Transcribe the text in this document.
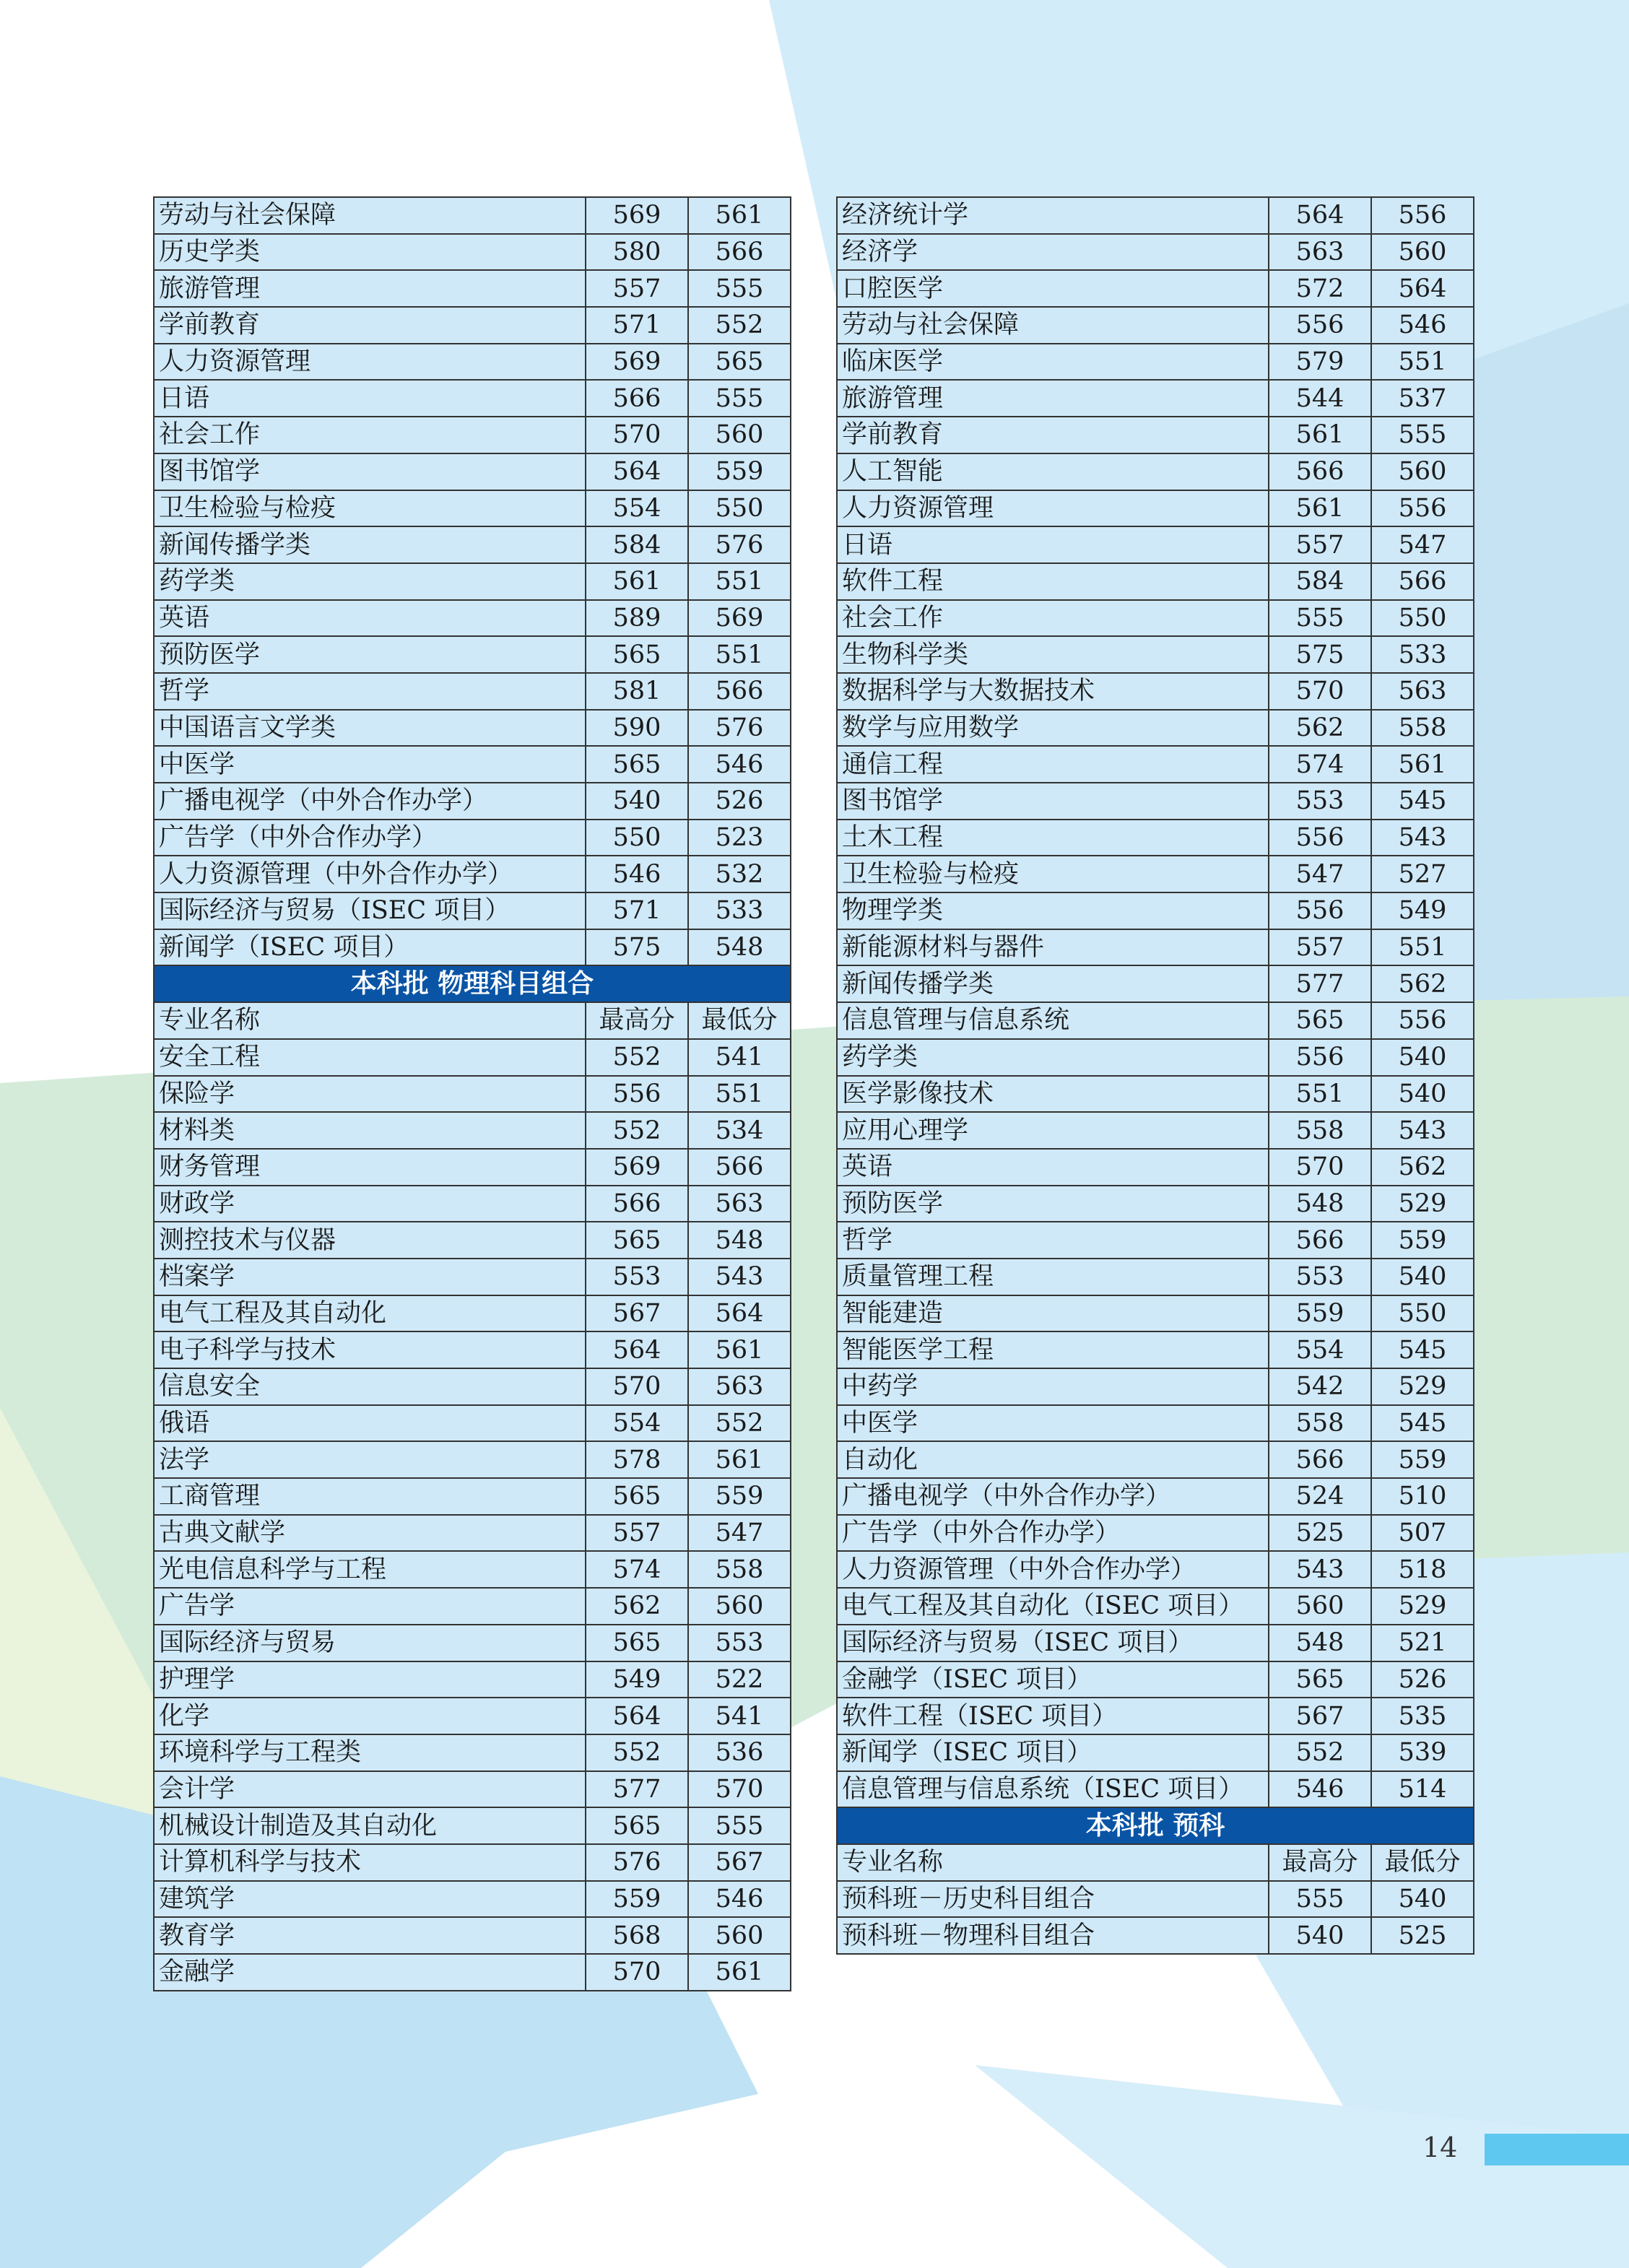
劳动与社会保障	569	561
历史学类	580	566
旅游管理	557	555
学前教育	571	552
人力资源管理	569	565
日语	566	555
社会工作	570	560
图书馆学	564	559
卫生检验与检疫	554	550
新闻传播学类	584	576
药学类	561	551
英语	589	569
预防医学	565	551
哲学	581	566
中国语言文学类	590	576
中医学	565	546
广播电视学（中外合作办学）	540	526
广告学（中外合作办学）	550	523
人力资源管理（中外合作办学）	546	532
国际经济与贸易（ISEC 项目）	571	533
新闻学（ISEC 项目）	575	548
本科批 物理科目组合		
专业名称	最高分	最低分
安全工程	552	541
保险学	556	551
材料类	552	534
财务管理	569	566
财政学	566	563
测控技术与仪器	565	548
档案学	553	543
电气工程及其自动化	567	564
电子科学与技术	564	561
信息安全	570	563
俄语	554	552
法学	578	561
工商管理	565	559
古典文献学	557	547
光电信息科学与工程	574	558
广告学	562	560
国际经济与贸易	565	553
护理学	549	522
化学	564	541
环境科学与工程类	552	536
会计学	577	570
机械设计制造及其自动化	565	555
计算机科学与技术	576	567
建筑学	559	546
教育学	568	560
金融学	570	561
经济统计学	564	556
经济学	563	560
口腔医学	572	564
劳动与社会保障	556	546
临床医学	579	551
旅游管理	544	537
学前教育	561	555
人工智能	566	560
人力资源管理	561	556
日语	557	547
软件工程	584	566
社会工作	555	550
生物科学类	575	533
数据科学与大数据技术	570	563
数学与应用数学	562	558
通信工程	574	561
图书馆学	553	545
土木工程	556	543
卫生检验与检疫	547	527
物理学类	556	549
新能源材料与器件	557	551
新闻传播学类	577	562
信息管理与信息系统	565	556
药学类	556	540
医学影像技术	551	540
应用心理学	558	543
英语	570	562
预防医学	548	529
哲学	566	559
质量管理工程	553	540
智能建造	559	550
智能医学工程	554	545
中药学	542	529
中医学	558	545
自动化	566	559
广播电视学（中外合作办学）	524	510
广告学（中外合作办学）	525	507
人力资源管理（中外合作办学）	543	518
电气工程及其自动化（ISEC 项目）	560	529
国际经济与贸易（ISEC 项目）	548	521
金融学（ISEC 项目）	565	526
软件工程（ISEC 项目）	567	535
新闻学（ISEC 项目）	552	539
信息管理与信息系统（ISEC 项目）	546	514
本科批 预科		
专业名称	最高分	最低分
预科班－历史科目组合	555	540
预科班－物理科目组合	540	525
14
